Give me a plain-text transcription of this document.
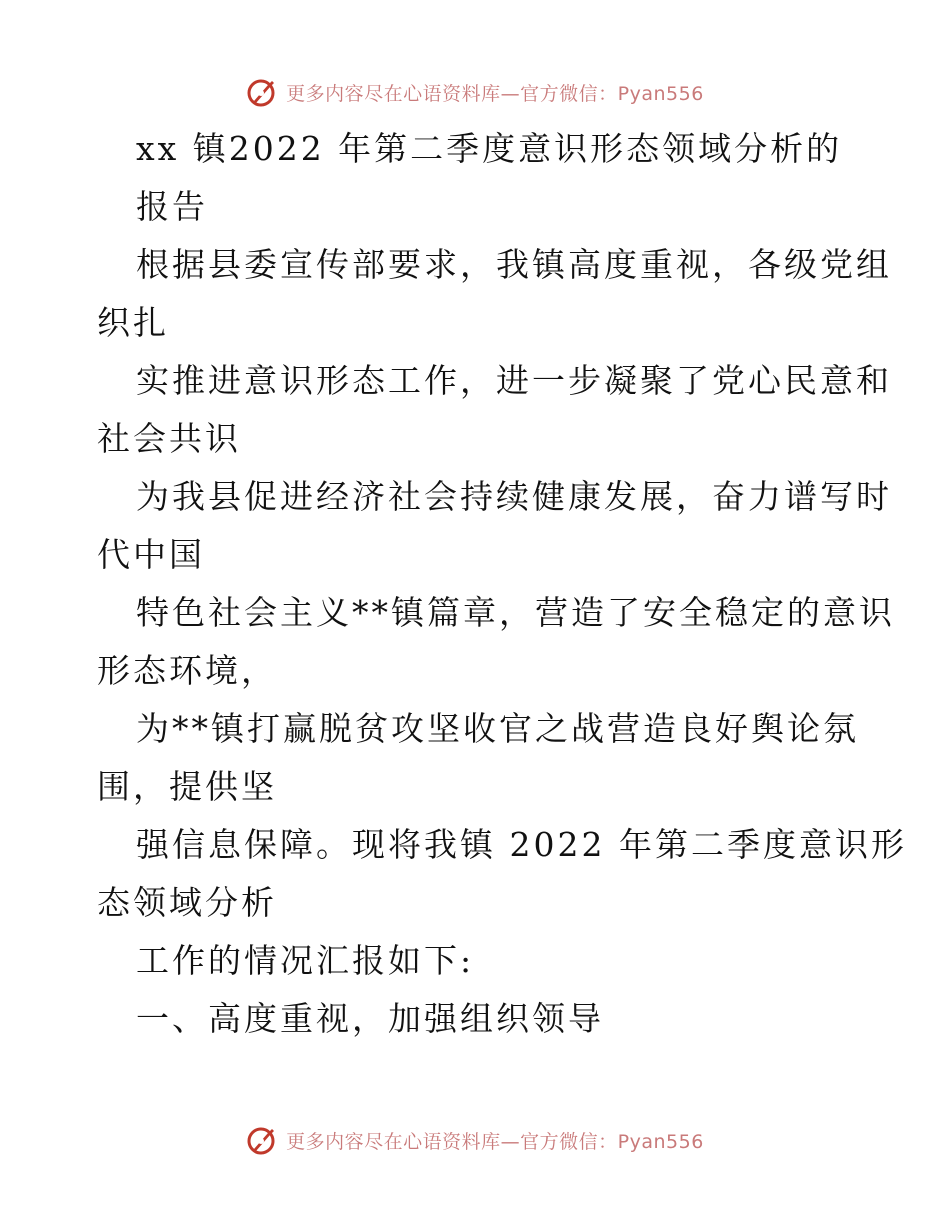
更多内容尽在心语资料库—官方微信：Pyan556
xx 镇2022 年第二季度意识形态领域分析的
报告
根据县委宣传部要求，我镇高度重视，各级党组
织扎
实推进意识形态工作，进一步凝聚了党心民意和
社会共识
为我县促进经济社会持续健康发展，奋力谱写时
代中国
特色社会主义**镇篇章，营造了安全稳定的意识
形态环境，
为**镇打赢脱贫攻坚收官之战营造良好舆论氛
围，提供坚
强信息保障。现将我镇 2022 年第二季度意识形
态领域分析
工作的情况汇报如下:
一、高度重视，加强组织领导
更多内容尽在心语资料库—官方微信：Pyan556
